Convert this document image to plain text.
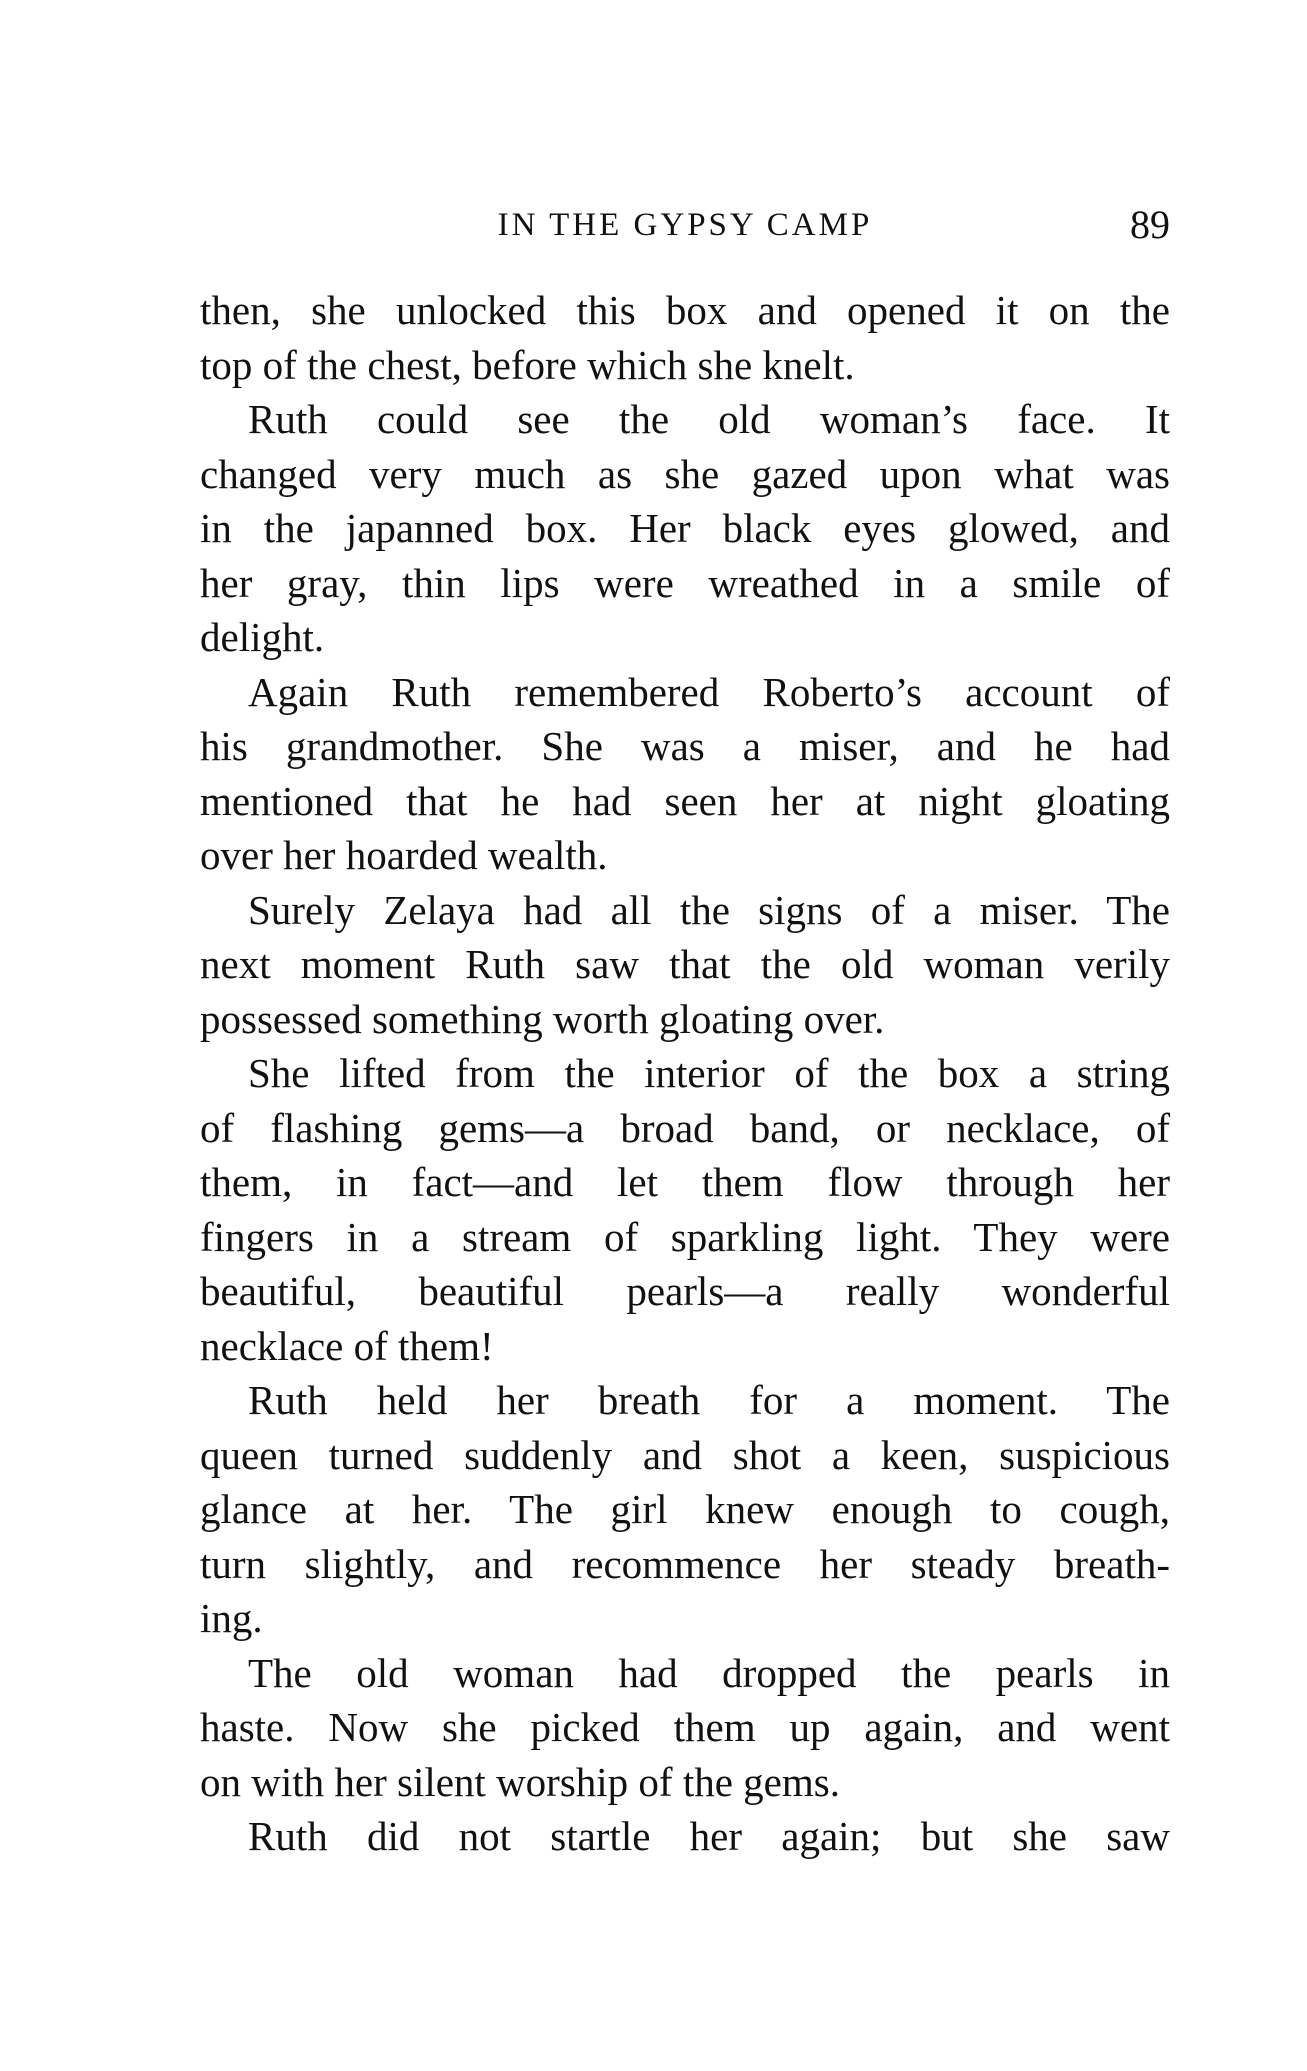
IN THE GYPSY CAMP	89
then, she unlocked this box and opened it on the
top of the chest, before which she knelt.
Ruth could see the old woman’s face. It
changed very much as she gazed upon what was
in the japanned box. Her black eyes glowed, and
her gray, thin lips were wreathed in a smile of
delight.
Again Ruth remembered Roberto’s account of
his grandmother. She was a miser, and he had
mentioned that he had seen her at night gloating
over her hoarded wealth.
Surely Zelaya had all the signs of a miser. The
next moment Ruth saw that the old woman verily
possessed something worth gloating over.
She lifted from the interior of the box a string
of flashing gems—a broad band, or necklace, of
them, in fact—and let them flow through her
fingers in a stream of sparkling light. They were
beautiful, beautiful pearls—a really wonderful
necklace of them!
Ruth held her breath for a moment. The
queen turned suddenly and shot a keen, suspicious
glance at her. The girl knew enough to cough,
turn slightly, and recommence her steady breath-
ing.
The old woman had dropped the pearls in
haste. Now she picked them up again, and went
on with her silent worship of the gems.
Ruth did not startle her again; but she saw
